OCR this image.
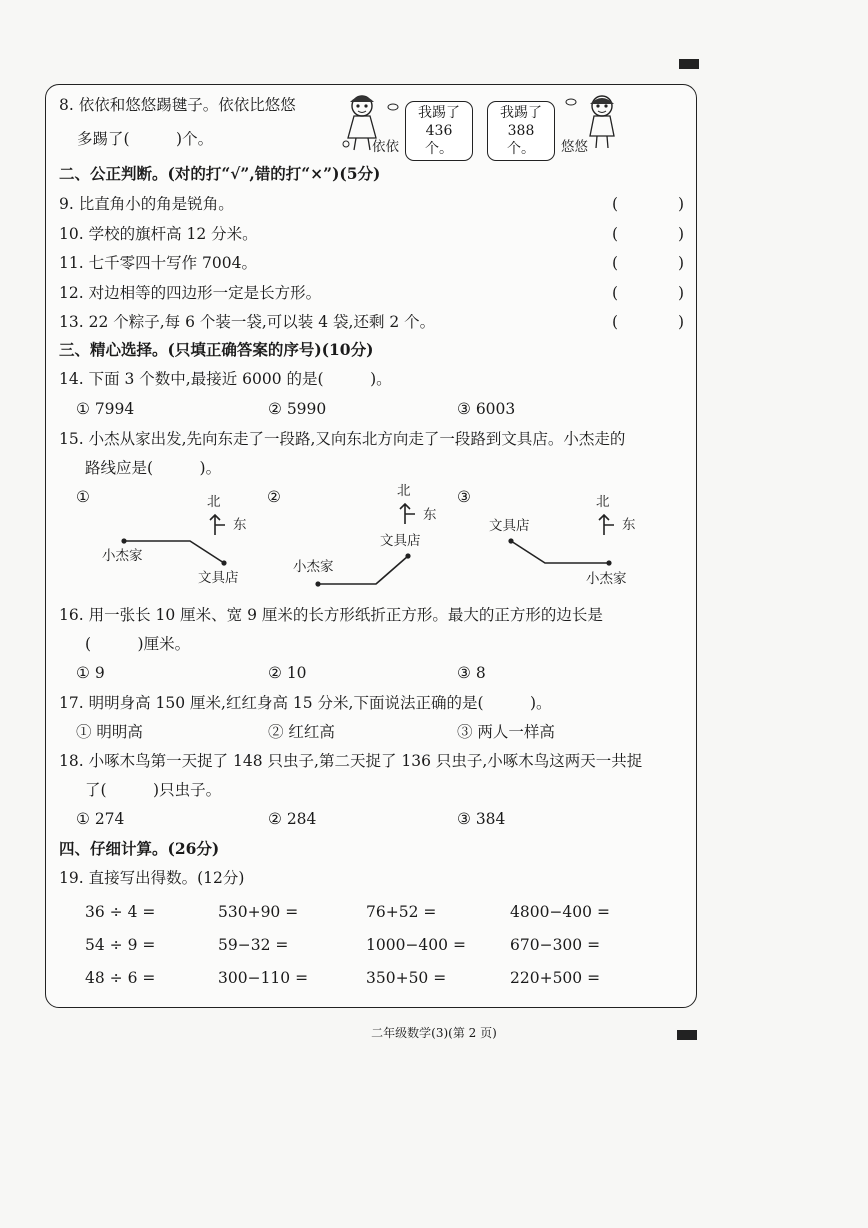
8. 依依和悠悠踢毽子。依依比悠悠
多踢了(　　　)个。	依依
我踢了
436 个。
我踢了
388 个。	悠悠
二、公正判断。(对的打“√”,错的打“×”)(5分)
9. 比直角小的角是锐角。	(	)
10. 学校的旗杆高 12 分米。	(	)
11. 七千零四十写作 7004。	(	)
12. 对边相等的四边形一定是长方形。	(	)
13. 22 个粽子,每 6 个装一袋,可以装 4 袋,还剩 2 个。	(	)
三、精心选择。(只填正确答案的序号)(10分)
14. 下面 3 个数中,最接近 6000 的是(　　　)。
① 7994	② 5990	③ 6003
15. 小杰从家出发,先向东走了一段路,又向东北方向走了一段路到文具店。小杰走的
路线应是(　　　)。
①	②	③
北
东
小杰家
文具店
北
东
文具店
小杰家
北
东
文具店
小杰家
16. 用一张长 10 厘米、宽 9 厘米的长方形纸折正方形。最大的正方形的边长是
(　　　)厘米。
① 9	② 10	③ 8
17. 明明身高 150 厘米,红红身高 15 分米,下面说法正确的是(　　　)。
① 明明高	② 红红高	③ 两人一样高
18. 小啄木鸟第一天捉了 148 只虫子,第二天捉了 136 只虫子,小啄木鸟这两天一共捉
了(　　　)只虫子。
① 274	② 284	③ 384
四、仔细计算。(26分)
19. 直接写出得数。(12分)
36 ÷ 4 =	530+90 =	76+52 =	4800−400 =
54 ÷ 9 =	59−32 =	1000−400 =	670−300 =
48 ÷ 6 =	300−110 =	350+50 =	220+500 =
二年级数学(3)(第 2 页)
